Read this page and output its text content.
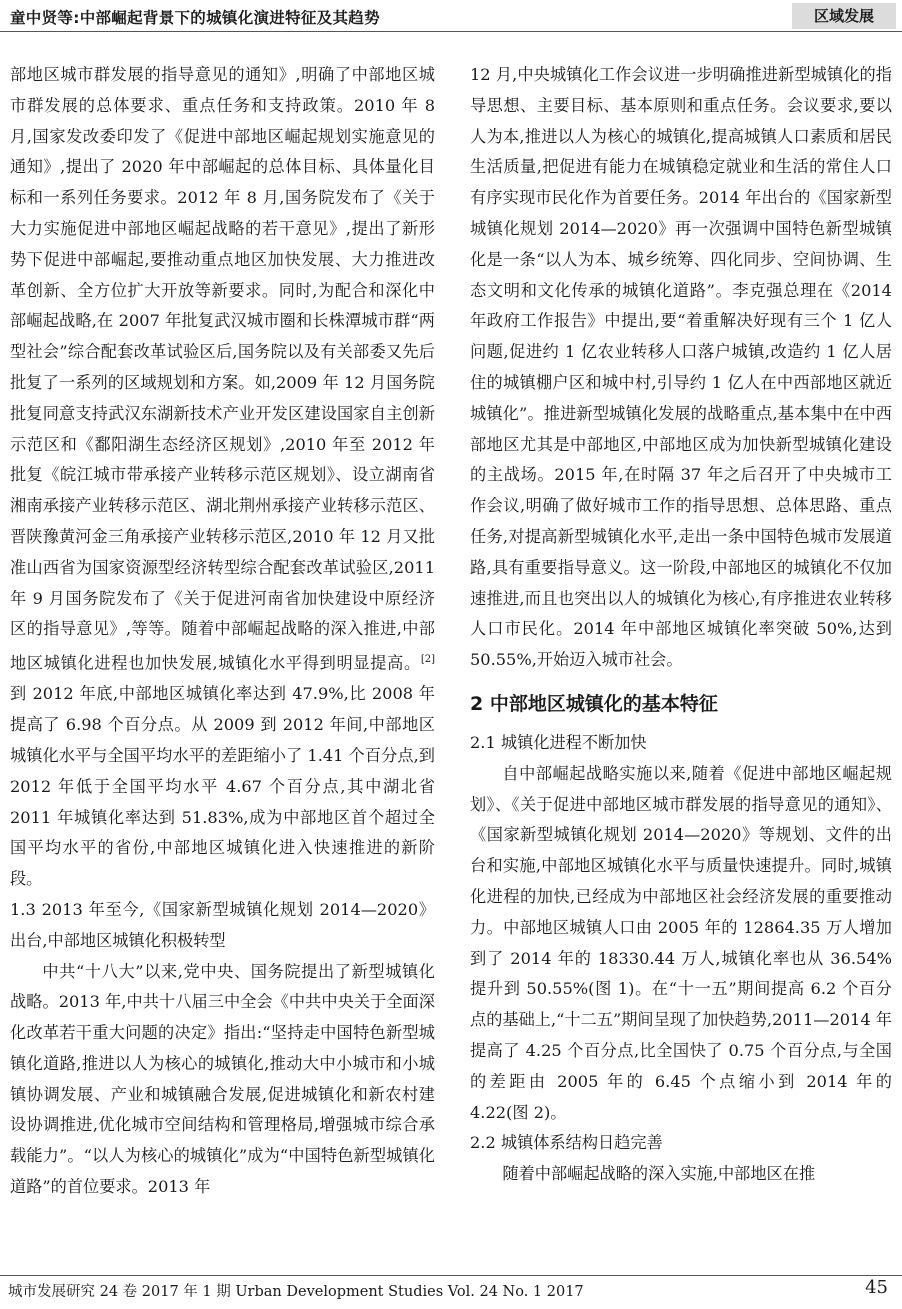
童中贤等:中部崛起背景下的城镇化演进特征及其趋势	区域发展

部地区城市群发展的指导意见的通知》,明确了中部地区城市群发展的总体要求、重点任务和支持政策。2010 年 8 月,国家发改委印发了《促进中部地区崛起规划实施意见的通知》,提出了 2020 年中部崛起的总体目标、具体量化目标和一系列任务要求。2012 年 8 月,国务院发布了《关于大力实施促进中部地区崛起战略的若干意见》,提出了新形势下促进中部崛起,要推动重点地区加快发展、大力推进改革创新、全方位扩大开放等新要求。同时,为配合和深化中部崛起战略,在 2007 年批复武汉城市圈和长株潭城市群“两型社会”综合配套改革试验区后,国务院以及有关部委又先后批复了一系列的区域规划和方案。如,2009 年 12 月国务院批复同意支持武汉东湖新技术产业开发区建设国家自主创新示范区和《鄱阳湖生态经济区规划》,2010 年至 2012 年批复《皖江城市带承接产业转移示范区规划》、设立湖南省湘南承接产业转移示范区、湖北荆州承接产业转移示范区、晋陕豫黄河金三角承接产业转移示范区,2010 年 12 月又批准山西省为国家资源型经济转型综合配套改革试验区,2011 年 9 月国务院发布了《关于促进河南省加快建设中原经济区的指导意见》,等等。随着中部崛起战略的深入推进,中部地区城镇化进程也加快发展,城镇化水平得到明显提高。[2] 到 2012 年底,中部地区城镇化率达到 47.9%,比 2008 年提高了 6.98 个百分点。从 2009 到 2012 年间,中部地区城镇化水平与全国平均水平的差距缩小了 1.41 个百分点,到 2012 年低于全国平均水平 4.67 个百分点,其中湖北省 2011 年城镇化率达到 51.83%,成为中部地区首个超过全国平均水平的省份,中部地区城镇化进入快速推进的新阶段。

1.3 2013 年至今,《国家新型城镇化规划 2014—2020》出台,中部地区城镇化积极转型

中共“十八大”以来,党中央、国务院提出了新型城镇化战略。2013 年,中共十八届三中全会《中共中央关于全面深化改革若干重大问题的决定》指出:“坚持走中国特色新型城镇化道路,推进以人为核心的城镇化,推动大中小城市和小城镇协调发展、产业和城镇融合发展,促进城镇化和新农村建设协调推进,优化城市空间结构和管理格局,增强城市综合承载能力”。“以人为核心的城镇化”成为“中国特色新型城镇化道路”的首位要求。2013 年

12 月,中央城镇化工作会议进一步明确推进新型城镇化的指导思想、主要目标、基本原则和重点任务。会议要求,要以人为本,推进以人为核心的城镇化,提高城镇人口素质和居民生活质量,把促进有能力在城镇稳定就业和生活的常住人口有序实现市民化作为首要任务。2014 年出台的《国家新型城镇化规划 2014—2020》再一次强调中国特色新型城镇化是一条“以人为本、城乡统筹、四化同步、空间协调、生态文明和文化传承的城镇化道路”。李克强总理在《2014 年政府工作报告》中提出,要“着重解决好现有三个 1 亿人问题,促进约 1 亿农业转移人口落户城镇,改造约 1 亿人居住的城镇棚户区和城中村,引导约 1 亿人在中西部地区就近城镇化”。推进新型城镇化发展的战略重点,基本集中在中西部地区尤其是中部地区,中部地区成为加快新型城镇化建设的主战场。2015 年,在时隔 37 年之后召开了中央城市工作会议,明确了做好城市工作的指导思想、总体思路、重点任务,对提高新型城镇化水平,走出一条中国特色城市发展道路,具有重要指导意义。这一阶段,中部地区的城镇化不仅加速推进,而且也突出以人的城镇化为核心,有序推进农业转移人口市民化。2014 年中部地区城镇化率突破 50%,达到 50.55%,开始迈入城市社会。

2 中部地区城镇化的基本特征

2.1 城镇化进程不断加快

自中部崛起战略实施以来,随着《促进中部地区崛起规划》、《关于促进中部地区城市群发展的指导意见的通知》、《国家新型城镇化规划 2014—2020》等规划、文件的出台和实施,中部地区城镇化水平与质量快速提升。同时,城镇化进程的加快,已经成为中部地区社会经济发展的重要推动力。中部地区城镇人口由 2005 年的 12864.35 万人增加到了 2014 年的 18330.44 万人,城镇化率也从 36.54% 提升到 50.55%(图 1)。在“十一五”期间提高 6.2 个百分点的基础上,“十二五”期间呈现了加快趋势,2011—2014 年提高了 4.25 个百分点,比全国快了 0.75 个百分点,与全国的差距由 2005 年的 6.45 个点缩小到 2014 年的 4.22(图 2)。

2.2 城镇体系结构日趋完善

随着中部崛起战略的深入实施,中部地区在推

城市发展研究 24 卷 2017 年 1 期 Urban Development Studies Vol. 24 No. 1 2017	45
